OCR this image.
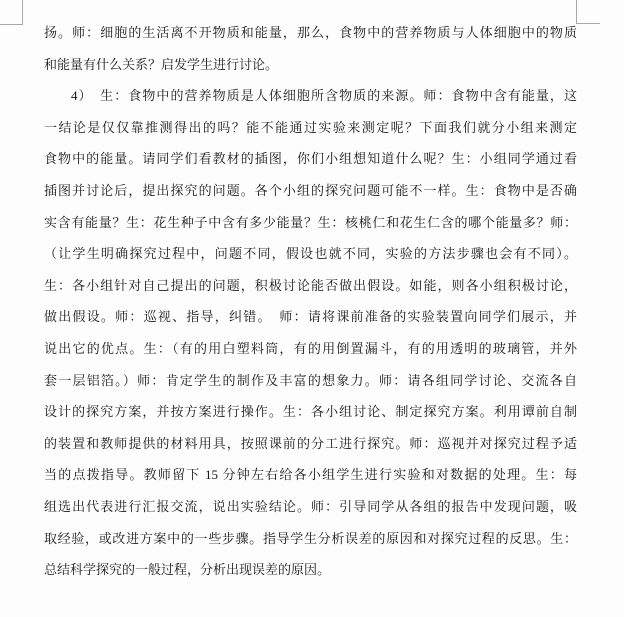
扬。师：细胞的生活离不开物质和能量，那么，食物中的营养物质与人体细胞中的物质
和能量有什么关系？启发学生进行讨论。
4）　生：食物中的营养物质是人体细胞所含物质的来源。师：食物中含有能量，这
一结论是仅仅靠推测得出的吗？能不能通过实验来测定呢？下面我们就分小组来测定
食物中的能量。请同学们看教材的插图，你们小组想知道什么呢？生：小组同学通过看
插图并讨论后，提出探究的问题。各个小组的探究问题可能不一样。生：食物中是否确
实含有能量？生：花生种子中含有多少能量？生：核桃仁和花生仁含的哪个能量多？师：
（让学生明确探究过程中，问题不同，假设也就不同，实验的方法步骤也会有不同）。
生：各小组针对自己提出的问题，积极讨论能否做出假设。如能，则各小组积极讨论，
做出假设。师：巡视、指导，纠错。　师：请将课前准备的实验装置向同学们展示，并
说出它的优点。生：（有的用白塑料筒，有的用倒置漏斗，有的用透明的玻璃管，并外
套一层铝箔。）师：肯定学生的制作及丰富的想象力。师：请各组同学讨论、交流各自
设计的探究方案，并按方案进行操作。生：各小组讨论、制定探究方案。利用谭前自制
的装置和教师提供的材料用具，按照课前的分工进行探究。师：巡视并对探究过程予适
当的点拨指导。教师留下 15 分钟左右给各小组学生进行实验和对数据的处理。生：每
组选出代表进行汇报交流，说出实验结论。师：引导同学从各组的报告中发现问题，吸
取经验，或改进方案中的一些步骤。指导学生分析误差的原因和对探究过程的反思。生：
总结科学探究的一般过程，分析出现误差的原因。
